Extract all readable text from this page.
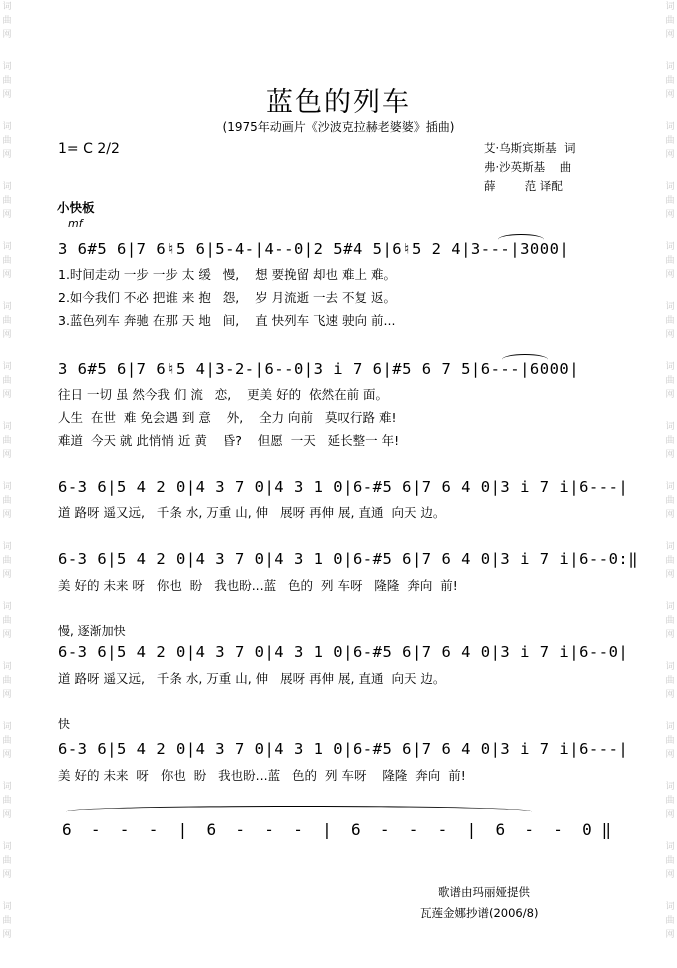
词
曲
网
词
曲
网
词
曲
网
词
曲
网
词
曲
网
词
曲
网
词
曲
网
词
曲
网
词
曲
网
词
曲
网
词
曲
网
词
曲
网
词
曲
网
词
曲
网
词
曲
网
词
曲
网
词
曲
网
词
曲
网
词
曲
网
词
曲
网
词
曲
网
词
曲
网
词
曲
网
词
曲
网
词
曲
网
词
曲
网
词
曲
网
词
曲
网
词
曲
网
词
曲
网
词
曲
网
词
曲
网
蓝色的列车
(1975年动画片《沙波克拉赫老婆婆》插曲)
1= C 2/2	艾·乌斯宾斯基  词
弗·沙英斯基    曲
薛        范 译配
小快板
mf
3 6#5 6|7 6♮5 6|5-4-|4--0|2 5#4 5|6♮5 2 4|3---|3000|
1.时间走动 一步 一步 太 缓   慢,    想 要挽留 却也 难上 难。
2.如今我们 不必 把谁 来 抱   怨,    岁 月流逝 一去 不复 返。
3.蓝色列车 奔驰 在那 天 地   间,    直 快列车 飞速 驶向 前...
3 6#5 6|7 6♮5 4|3-2-|6--0|3 i 7 6|#5 6 7 5|6---|6000|
往日 一切 虽 然今我 们 流   恋,    更美 好的  依然在前 面。
人生  在世  难 免会遇 到 意    外,    全力 向前   莫叹行路 难!
难道  今天 就 此悄悄 近 黄    昏?    但愿  一天   延长整一 年!
6-3 6|5 4 2 0|4 3 7 0|4 3 1 0|6-#5 6|7 6 4 0|3 i 7 i|6---|
道 路呀 遥又远,   千条 水, 万重 山, 伸   展呀 再伸 展, 直通  向天 边。
6-3 6|5 4 2 0|4 3 7 0|4 3 1 0|6-#5 6|7 6 4 0|3 i 7 i|6--0:‖
美 好的 未来 呀   你也  盼   我也盼...蓝   色的  列 车呀   隆隆  奔向  前!
慢, 逐渐加快
6-3 6|5 4 2 0|4 3 7 0|4 3 1 0|6-#5 6|7 6 4 0|3 i 7 i|6--0|
道 路呀 遥又远,   千条 水, 万重 山, 伸   展呀 再伸 展, 直通  向天 边。
快
6-3 6|5 4 2 0|4 3 7 0|4 3 1 0|6-#5 6|7 6 4 0|3 i 7 i|6---|
美 好的 未来  呀   你也  盼   我也盼...蓝   色的  列 车呀    隆隆  奔向  前!
6  -  -  -  |  6  -  -  -  |  6  -  -  -  |  6  -  -  0 ‖
歌谱由玛丽娅提供
瓦莲金娜抄谱(2006/8)
